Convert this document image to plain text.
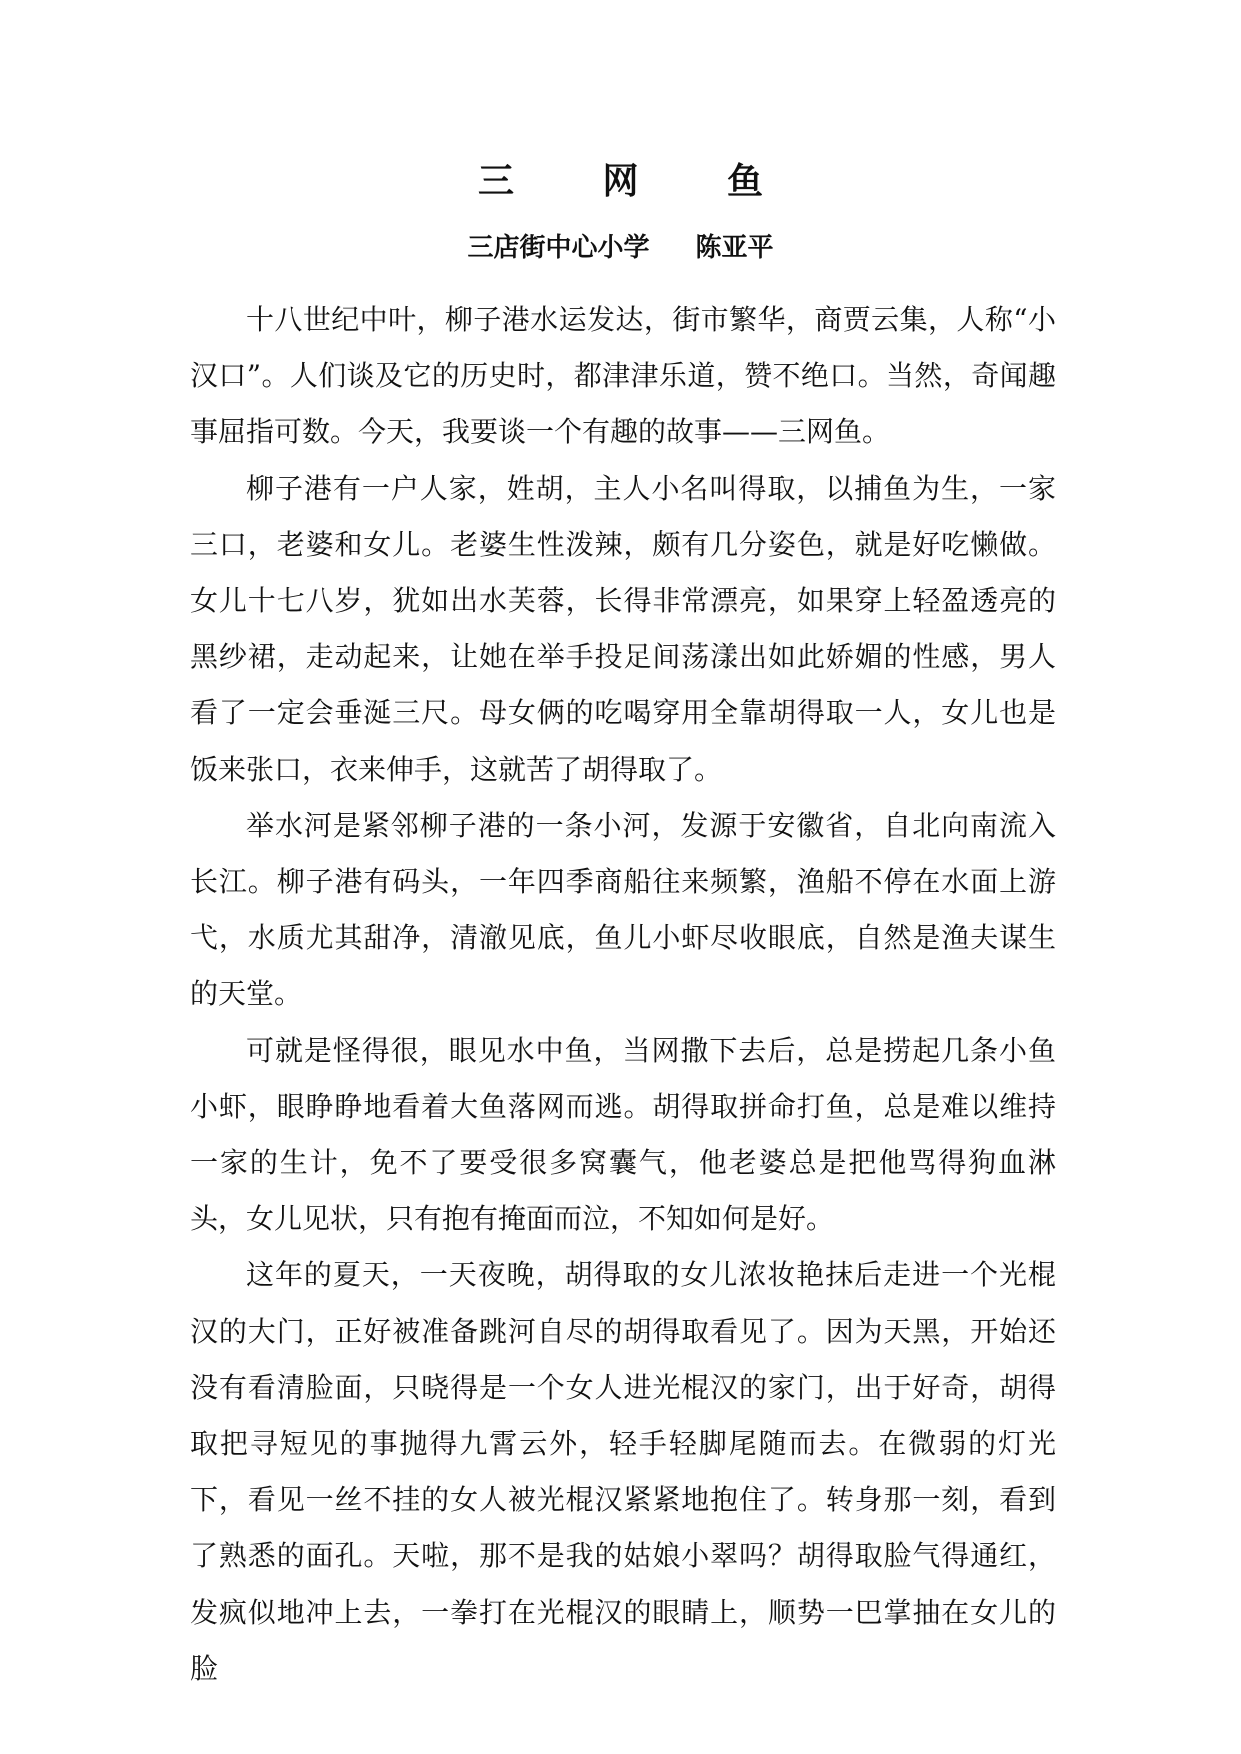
三 网 鱼

三店街中心小学 陈亚平

十八世纪中叶，柳子港水运发达，街市繁华，商贾云集，人称“小汉口”。人们谈及它的历史时，都津津乐道，赞不绝口。当然，奇闻趣事屈指可数。今天，我要谈一个有趣的故事——三网鱼。

柳子港有一户人家，姓胡，主人小名叫得取，以捕鱼为生，一家三口，老婆和女儿。老婆生性泼辣，颇有几分姿色，就是好吃懒做。女儿十七八岁，犹如出水芙蓉，长得非常漂亮，如果穿上轻盈透亮的黑纱裙，走动起来，让她在举手投足间荡漾出如此娇媚的性感，男人看了一定会垂涎三尺。母女俩的吃喝穿用全靠胡得取一人，女儿也是饭来张口，衣来伸手，这就苦了胡得取了。

举水河是紧邻柳子港的一条小河，发源于安徽省，自北向南流入长江。柳子港有码头，一年四季商船往来频繁，渔船不停在水面上游弋，水质尤其甜净，清澈见底，鱼儿小虾尽收眼底，自然是渔夫谋生的天堂。

可就是怪得很，眼见水中鱼，当网撒下去后，总是捞起几条小鱼小虾，眼睁睁地看着大鱼落网而逃。胡得取拼命打鱼，总是难以维持一家的生计，免不了要受很多窝囊气，他老婆总是把他骂得狗血淋头，女儿见状，只有抱有掩面而泣，不知如何是好。

这年的夏天，一天夜晚，胡得取的女儿浓妆艳抹后走进一个光棍汉的大门，正好被准备跳河自尽的胡得取看见了。因为天黑，开始还没有看清脸面，只晓得是一个女人进光棍汉的家门，出于好奇，胡得取把寻短见的事抛得九霄云外，轻手轻脚尾随而去。在微弱的灯光下，看见一丝不挂的女人被光棍汉紧紧地抱住了。转身那一刻，看到了熟悉的面孔。天啦，那不是我的姑娘小翠吗？胡得取脸气得通红，发疯似地冲上去，一拳打在光棍汉的眼睛上，顺势一巴掌抽在女儿的脸
